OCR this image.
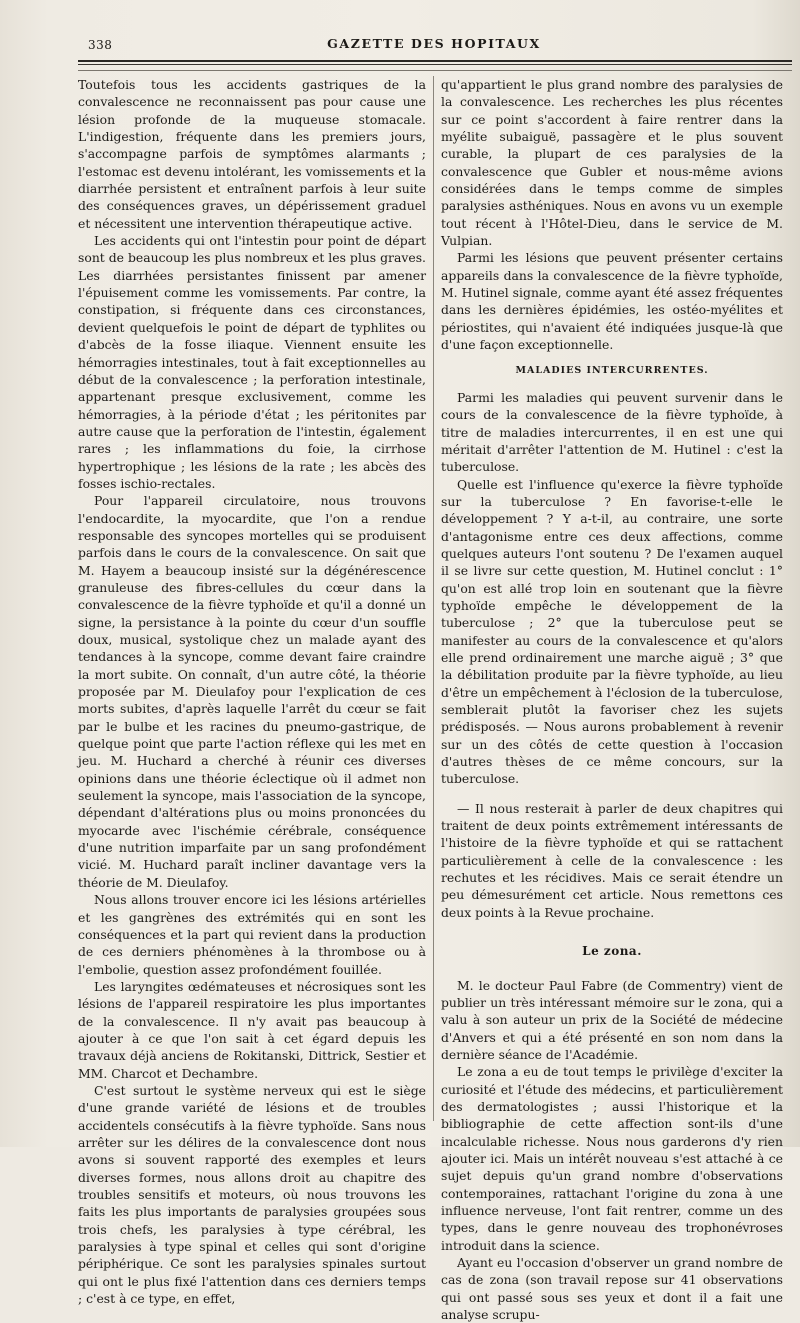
338	GAZETTE DES HOPITAUX

Toutefois tous les accidents gastriques de la convalescence ne reconnaissent pas pour cause une lésion profonde de la muqueuse stomacale. L'indigestion, fréquente dans les premiers jours, s'accompagne parfois de symptômes alarmants ; l'estomac est devenu intolérant, les vomissements et la diarrhée persistent et entraînent parfois à leur suite des conséquences graves, un dépérissement graduel et nécessitent une intervention thérapeutique active.

Les accidents qui ont l'intestin pour point de départ sont de beaucoup les plus nombreux et les plus graves. Les diarrhées persistantes finissent par amener l'épuisement comme les vomissements. Par contre, la constipation, si fréquente dans ces circonstances, devient quelquefois le point de départ de typhlites ou d'abcès de la fosse iliaque. Viennent ensuite les hémorragies intestinales, tout à fait exceptionnelles au début de la convalescence ; la perforation intestinale, appartenant presque exclusivement, comme les hémorragies, à la période d'état ; les péritonites par autre cause que la perforation de l'intestin, également rares ; les inflammations du foie, la cirrhose hypertrophique ; les lésions de la rate ; les abcès des fosses ischio-rectales.

Pour l'appareil circulatoire, nous trouvons l'endocardite, la myocardite, que l'on a rendue responsable des syncopes mortelles qui se produisent parfois dans le cours de la convalescence. On sait que M. Hayem a beaucoup insisté sur la dégénérescence granuleuse des fibres-cellules du cœur dans la convalescence de la fièvre typhoïde et qu'il a donné un signe, la persistance à la pointe du cœur d'un souffle doux, musical, systolique chez un malade ayant des tendances à la syncope, comme devant faire craindre la mort subite. On connaît, d'un autre côté, la théorie proposée par M. Dieulafoy pour l'explication de ces morts subites, d'après laquelle l'arrêt du cœur se fait par le bulbe et les racines du pneumo-gastrique, de quelque point que parte l'action réflexe qui les met en jeu. M. Huchard a cherché à réunir ces diverses opinions dans une théorie éclectique où il admet non seulement la syncope, mais l'association de la syncope, dépendant d'altérations plus ou moins prononcées du myocarde avec l'ischémie cérébrale, conséquence d'une nutrition imparfaite par un sang profondément vicié. M. Huchard paraît incliner davantage vers la théorie de M. Dieulafoy.

Nous allons trouver encore ici les lésions artérielles et les gangrènes des extrémités qui en sont les conséquences et la part qui revient dans la production de ces derniers phénomènes à la thrombose ou à l'embolie, question assez profondément fouillée.

Les laryngites œdémateuses et nécrosiques sont les lésions de l'appareil respiratoire les plus importantes de la convalescence. Il n'y avait pas beaucoup à ajouter à ce que l'on sait à cet égard depuis les travaux déjà anciens de Rokitanski, Dittrick, Sestier et MM. Charcot et Dechambre.

C'est surtout le système nerveux qui est le siège d'une grande variété de lésions et de troubles accidentels consécutifs à la fièvre typhoïde. Sans nous arrêter sur les délires de la convalescence dont nous avons si souvent rapporté des exemples et leurs diverses formes, nous allons droit au chapitre des troubles sensitifs et moteurs, où nous trouvons les faits les plus importants de paralysies groupées sous trois chefs, les paralysies à type cérébral, les paralysies à type spinal et celles qui sont d'origine périphérique. Ce sont les paralysies spinales surtout qui ont le plus fixé l'attention dans ces derniers temps ; c'est à ce type, en effet,

qu'appartient le plus grand nombre des paralysies de la convalescence. Les recherches les plus récentes sur ce point s'accordent à faire rentrer dans la myélite subaiguë, passagère et le plus souvent curable, la plupart de ces paralysies de la convalescence que Gubler et nous-même avions considérées dans le temps comme de simples paralysies asthéniques. Nous en avons vu un exemple tout récent à l'Hôtel-Dieu, dans le service de M. Vulpian.

Parmi les lésions que peuvent présenter certains appareils dans la convalescence de la fièvre typhoïde, M. Hutinel signale, comme ayant été assez fréquentes dans les dernières épidémies, les ostéo-myélites et périostites, qui n'avaient été indiquées jusque-là que d'une façon exceptionnelle.

MALADIES INTERCURRENTES.

Parmi les maladies qui peuvent survenir dans le cours de la convalescence de la fièvre typhoïde, à titre de maladies intercurrentes, il en est une qui méritait d'arrêter l'attention de M. Hutinel : c'est la tuberculose.

Quelle est l'influence qu'exerce la fièvre typhoïde sur la tuberculose ? En favorise-t-elle le développement ? Y a-t-il, au contraire, une sorte d'antagonisme entre ces deux affections, comme quelques auteurs l'ont soutenu ? De l'examen auquel il se livre sur cette question, M. Hutinel conclut : 1° qu'on est allé trop loin en soutenant que la fièvre typhoïde empêche le développement de la tuberculose ; 2° que la tuberculose peut se manifester au cours de la convalescence et qu'alors elle prend ordinairement une marche aiguë ; 3° que la débilitation produite par la fièvre typhoïde, au lieu d'être un empêchement à l'éclosion de la tuberculose, semblerait plutôt la favoriser chez les sujets prédisposés. — Nous aurons probablement à revenir sur un des côtés de cette question à l'occasion d'autres thèses de ce même concours, sur la tuberculose.

— Il nous resterait à parler de deux chapitres qui traitent de deux points extrêmement intéressants de l'histoire de la fièvre typhoïde et qui se rattachent particulièrement à celle de la convalescence : les rechutes et les récidives. Mais ce serait étendre un peu démesurément cet article. Nous remettons ces deux points à la Revue prochaine.

Le zona.

M. le docteur Paul Fabre (de Commentry) vient de publier un très intéressant mémoire sur le zona, qui a valu à son auteur un prix de la Société de médecine d'Anvers et qui a été présenté en son nom dans la dernière séance de l'Académie.

Le zona a eu de tout temps le privilège d'exciter la curiosité et l'étude des médecins, et particulièrement des dermatologistes ; aussi l'historique et la bibliographie de cette affection sont-ils d'une incalculable richesse. Nous nous garderons d'y rien ajouter ici. Mais un intérêt nouveau s'est attaché à ce sujet depuis qu'un grand nombre d'observations contemporaines, rattachant l'origine du zona à une influence nerveuse, l'ont fait rentrer, comme un des types, dans le genre nouveau des trophonévroses introduit dans la science.

Ayant eu l'occasion d'observer un grand nombre de cas de zona (son travail repose sur 41 observations qui ont passé sous ses yeux et dont il a fait une analyse scrupu-
